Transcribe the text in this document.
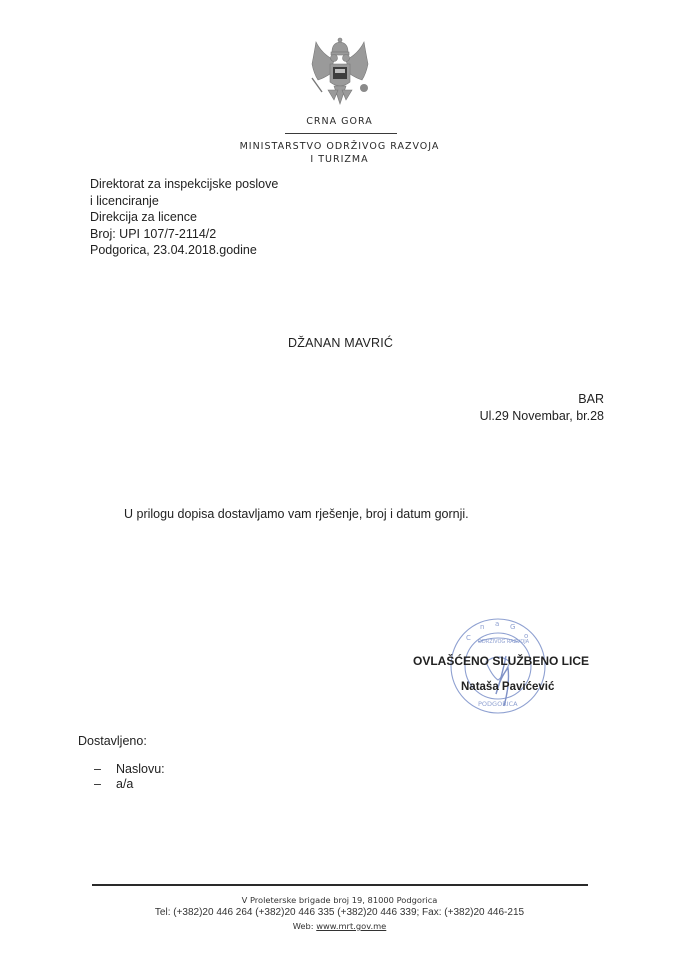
CRNA GORA
MINISTARSTVO ODRŽIVOG RAZVOJA
I TURIZMA
Direktorat za inspekcijske poslove
i licenciranje
Direkcija za licence
Broj: UPI 107/7-2114/2
Podgorica, 23.04.2018.godine
DŽANAN MAVRIĆ
BAR
Ul.29 Novembar, br.28
U prilogu dopisa dostavljamo vam rješenje, broj i datum gornji.
C
n a G
o
ODRŽIVOG RAZVOJA
PODGORICA
OVLAŠĆENO SLUŽBENO LICE
Nataša Pavićević
Dostavljeno:
–	Naslovu:
–	a/a
V Proleterske brigade broj 19, 81000 Podgorica
Tel: (+382)20 446 264 (+382)20 446 335 (+382)20 446 339; Fax: (+382)20 446-215
Web: www.mrt.gov.me
